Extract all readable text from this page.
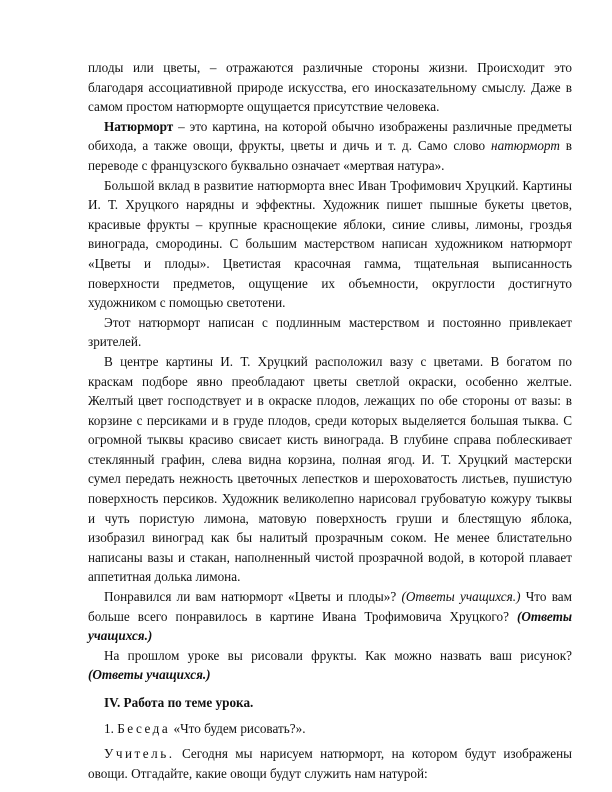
плоды или цветы, – отражаются различные стороны жизни. Происходит это благодаря ассоциативной природе искусства, его иносказательному смыслу. Даже в самом простом натюрморте ощущается присутствие человека.

Натюрморт – это картина, на которой обычно изображены различные предметы обихода, а также овощи, фрукты, цветы и дичь и т. д. Само слово натюрморт в переводе с французского буквально означает «мертвая натура».

Большой вклад в развитие натюрморта внес Иван Трофимович Хруцкий. Картины И. Т. Хруцкого нарядны и эффектны. Художник пишет пышные букеты цветов, красивые фрукты – крупные краснощекие яблоки, синие сливы, лимоны, гроздья винограда, смородины. С большим мастерством написан художником натюрморт «Цветы и плоды». Цветистая красочная гамма, тщательная выписанность поверхности предметов, ощущение их объемности, округлости достигнуто художником с помощью светотени.

Этот натюрморт написан с подлинным мастерством и постоянно привлекает зрителей.

В центре картины И. Т. Хруцкий расположил вазу с цветами. В богатом по краскам подборе явно преобладают цветы светлой окраски, особенно желтые. Желтый цвет господствует и в окраске плодов, лежащих по обе стороны от вазы: в корзине с персиками и в груде плодов, среди которых выделяется большая тыква. С огромной тыквы красиво свисает кисть винограда. В глубине справа поблескивает стеклянный графин, слева видна корзина, полная ягод. И. Т. Хруцкий мастерски сумел передать нежность цветочных лепестков и шероховатость листьев, пушистую поверхность персиков. Художник великолепно нарисовал грубоватую кожуру тыквы и чуть пористую лимона, матовую поверхность груши и блестящую яблока, изобразил виноград как бы налитый прозрачным соком. Не менее блистательно написаны вазы и стакан, наполненный чистой прозрачной водой, в которой плавает аппетитная долька лимона.

Понравился ли вам натюрморт «Цветы и плоды»? (Ответы учащихся.) Что вам больше всего понравилось в картине Ивана Трофимовича Хруцкого? (Ответы учащихся.)

На прошлом уроке вы рисовали фрукты. Как можно назвать ваш рисунок? (Ответы учащихся.)

IV. Работа по теме урока.

1. Беседа «Что будем рисовать?».

Учитель. Сегодня мы нарисуем натюрморт, на котором будут изображены овощи. Отгадайте, какие овощи будут служить нам натурой:
